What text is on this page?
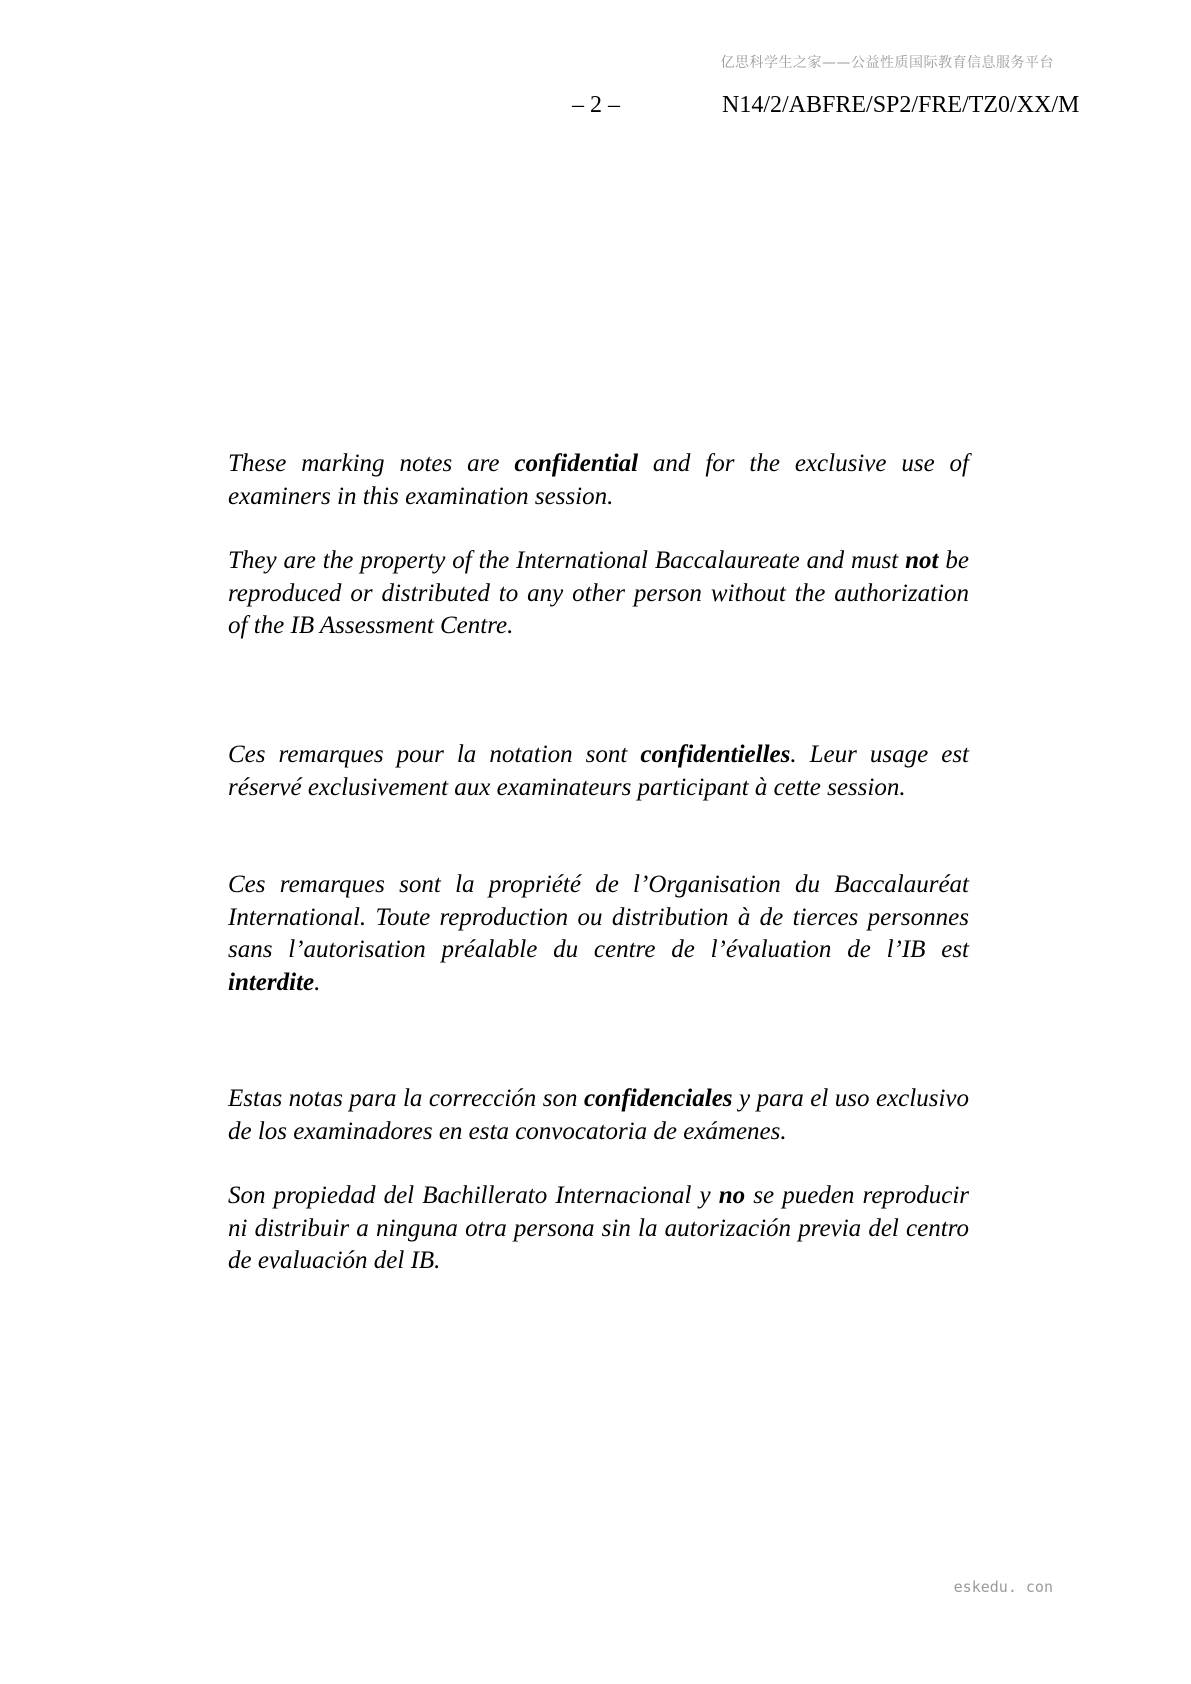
亿思科学生之家——公益性质国际教育信息服务平台
– 2 –	N14/2/ABFRE/SP2/FRE/TZ0/XX/M

These marking notes are confidential and for the exclusive use of examiners in this examination session.

They are the property of the International Baccalaureate and must not be reproduced or distributed to any other person without the authorization of the IB Assessment Centre.

Ces remarques pour la notation sont confidentielles. Leur usage est réservé exclusivement aux examinateurs participant à cette session.

Ces remarques sont la propriété de l’Organisation du Baccalauréat International. Toute reproduction ou distribution à de tierces personnes sans l’autorisation préalable du centre de l’évaluation de l’IB est interdite.

Estas notas para la corrección son confidenciales y para el uso exclusivo de los examinadores en esta convocatoria de exámenes.

Son propiedad del Bachillerato Internacional y no se pueden reproducir ni distribuir a ninguna otra persona sin la autorización previa del centro de evaluación del IB.

eskedu. con
